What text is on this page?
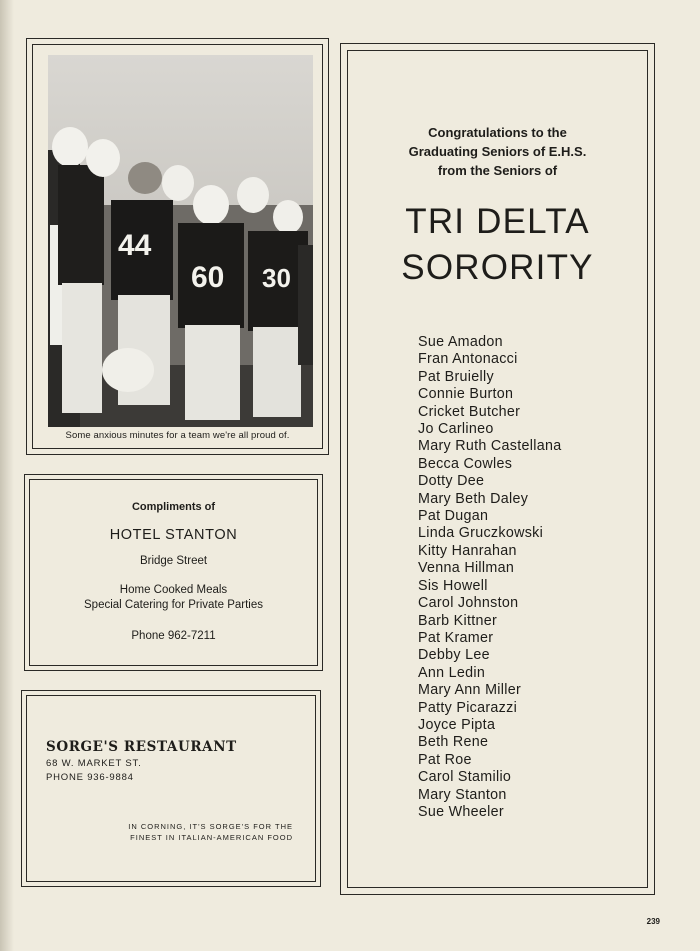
44
60 30
Some anxious minutes for a team we're all proud of.
Compliments of
HOTEL STANTON
Bridge Street
Home Cooked Meals
Special Catering for Private Parties
Phone 962-7211
SORGE'S RESTAURANT
68 W. MARKET ST.
PHONE 936-9884
IN CORNING, IT'S SORGE'S FOR THE
FINEST IN ITALIAN-AMERICAN FOOD
Congratulations to the
Graduating Seniors of E.H.S.
from the Seniors of
TRI DELTA
SORORITY
Sue Amadon
Fran Antonacci
Pat Bruielly
Connie Burton
Cricket Butcher
Jo Carlineo
Mary Ruth Castellana
Becca Cowles
Dotty Dee
Mary Beth Daley
Pat Dugan
Linda Gruczkowski
Kitty Hanrahan
Venna Hillman
Sis Howell
Carol Johnston
Barb Kittner
Pat Kramer
Debby Lee
Ann Ledin
Mary Ann Miller
Patty Picarazzi
Joyce Pipta
Beth Rene
Pat Roe
Carol Stamilio
Mary Stanton
Sue Wheeler
239
